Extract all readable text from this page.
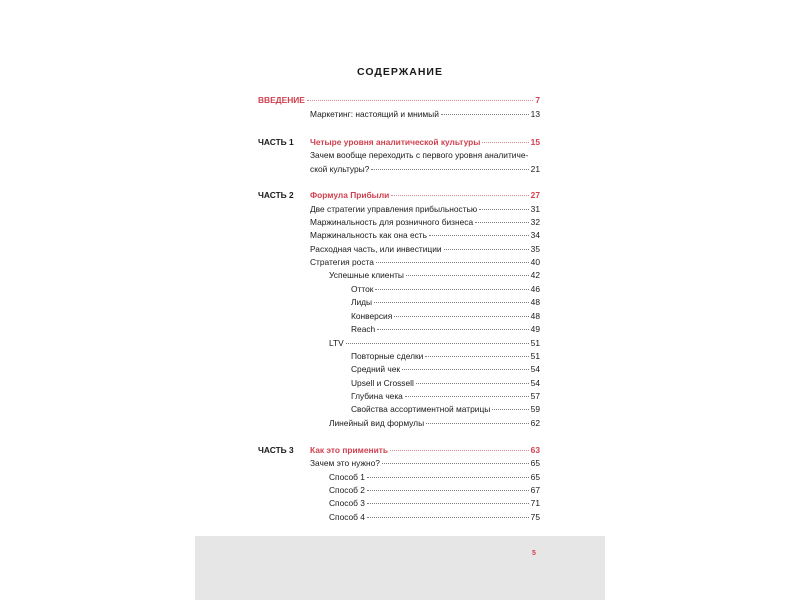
СОДЕРЖАНИЕ
5
ВВЕДЕНИЕ	7
Маркетинг: настоящий и мнимый	13
ЧАСТЬ 1 Четыре уровня аналитической культуры	15
Зачем вообще переходить с первого уровня аналитиче-
ской культуры?	21
ЧАСТЬ 2 Формула Прибыли	27
Две стратегии управления прибыльностью	31
Маржинальность для розничного бизнеса	32
Маржинальность как она есть	34
Расходная часть, или инвестиции	35
Стратегия роста	40
Успешные клиенты	42
Отток	46
Лиды	48
Конверсия	48
Reach	49
LTV	51
Повторные сделки	51
Средний чек	54
Upsell и Crossell	54
Глубина чека	57
Свойства ассортиментной матрицы	59
Линейный вид формулы	62
ЧАСТЬ 3 Как это применить	63
Зачем это нужно?	65
Способ 1	65
Способ 2	67
Способ 3	71
Способ 4	75
